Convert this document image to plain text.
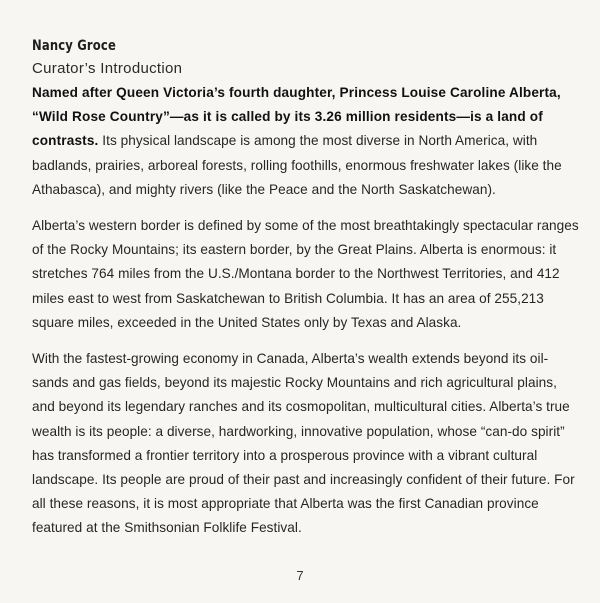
Nancy Groce
Curator’s Introduction

Named after Queen Victoria’s fourth daughter, Princess Louise Caroline Alberta, “Wild Rose Country”—as it is called by its 3.26 million residents—is a land of contrasts. Its physical landscape is among the most diverse in North America, with badlands, prairies, arboreal forests, rolling foothills, enormous freshwater lakes (like the Athabasca), and mighty rivers (like the Peace and the North Saskatchewan).

Alberta’s western border is defined by some of the most breathtakingly spectacular ranges of the Rocky Mountains; its eastern border, by the Great Plains. Alberta is enormous: it stretches 764 miles from the U.S./Montana border to the Northwest Territories, and 412 miles east to west from Saskatchewan to British Columbia. It has an area of 255,213 square miles, exceeded in the United States only by Texas and Alaska.

With the fastest-growing economy in Canada, Alberta’s wealth extends beyond its oil-sands and gas fields, beyond its majestic Rocky Mountains and rich agricultural plains, and beyond its legendary ranches and its cosmopolitan, multicultural cities. Alberta’s true wealth is its people: a diverse, hardworking, innovative population, whose “can-do spirit” has transformed a frontier territory into a prosperous province with a vibrant cultural landscape. Its people are proud of their past and increasingly confident of their future. For all these reasons, it is most appropriate that Alberta was the first Canadian province featured at the Smithsonian Folklife Festival.

7
